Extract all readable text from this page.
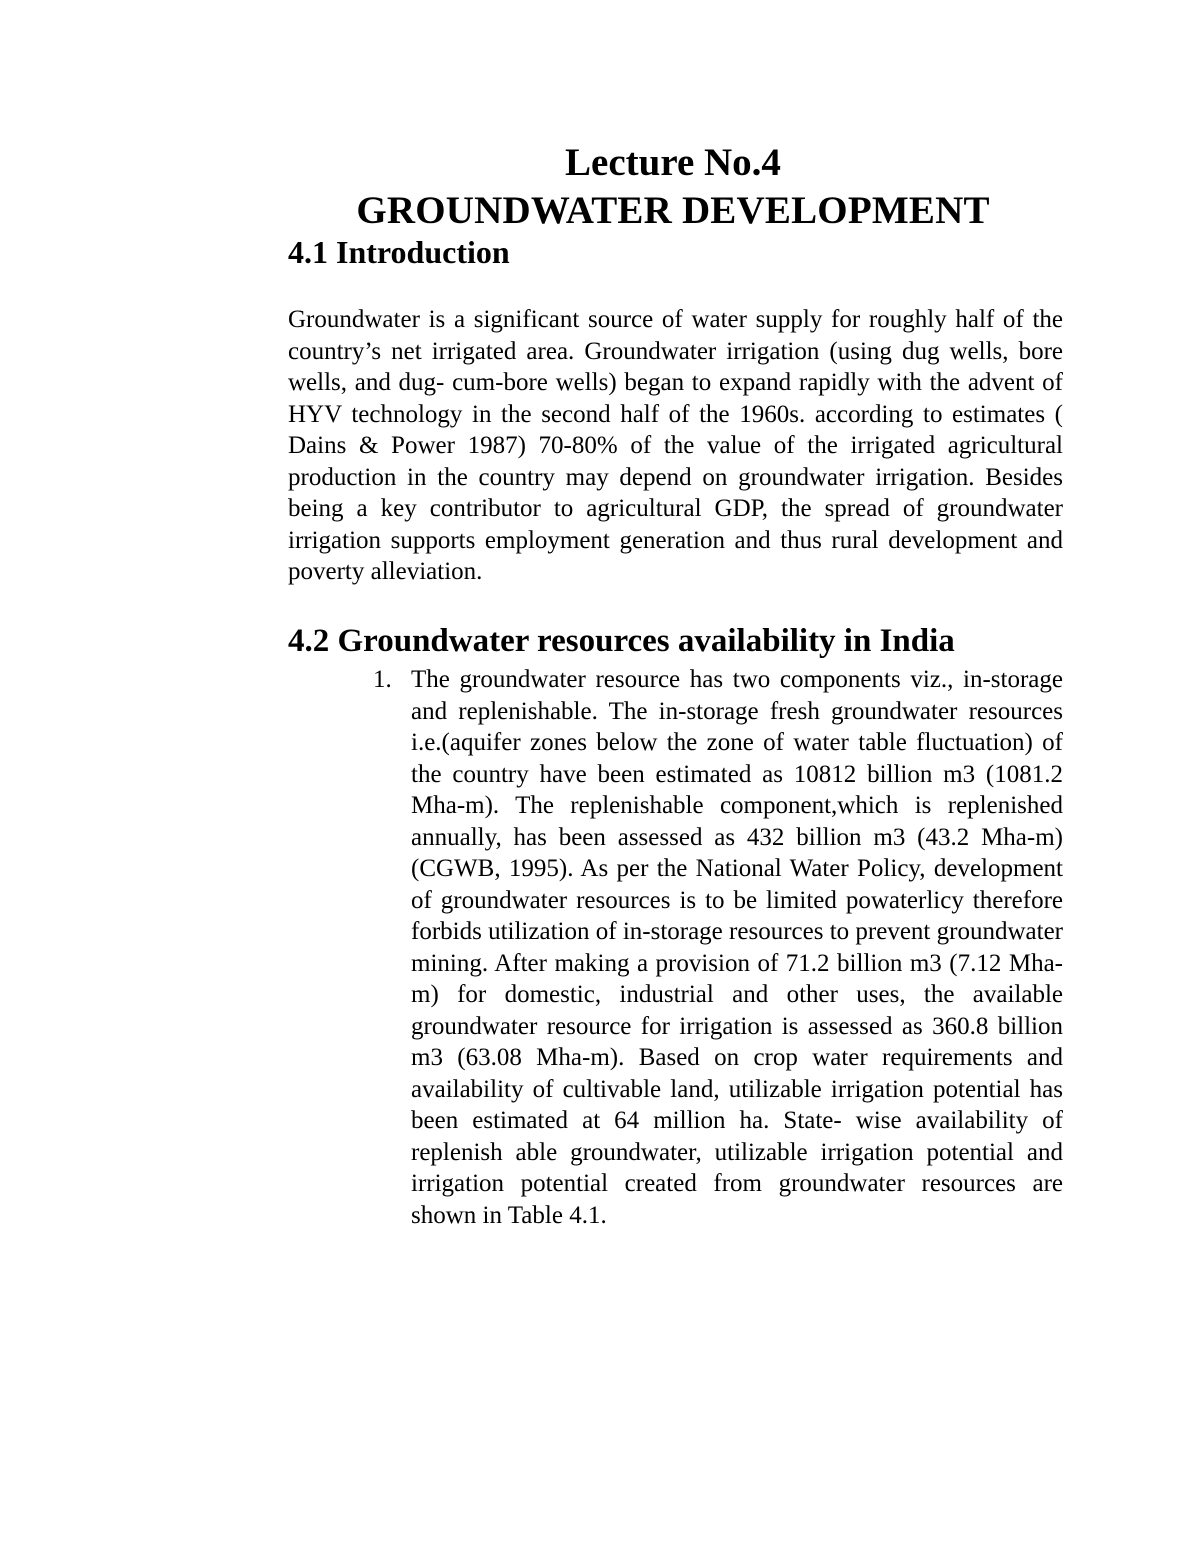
Lecture No.4
GROUNDWATER DEVELOPMENT
4.1 Introduction

Groundwater is a significant source of water supply for roughly half of the country’s net irrigated area. Groundwater irrigation (using dug wells, bore wells, and dug- cum-bore wells) began to expand rapidly with the advent of HYV technology in the second half of the 1960s. according to estimates ( Dains & Power 1987) 70-80% of the value of the irrigated agricultural production in the country may depend on groundwater irrigation. Besides being a key contributor to agricultural GDP, the spread of groundwater irrigation supports employment generation and thus rural development and poverty alleviation.

4.2 Groundwater resources availability in India
1. The groundwater resource has two components viz., in-storage and replenishable. The in-storage fresh groundwater resources i.e.(aquifer zones below the zone of water table fluctuation) of the country have been estimated as 10812 billion m3 (1081.2 Mha-m). The replenishable component,which is replenished annually, has been assessed as 432 billion m3 (43.2 Mha-m) (CGWB, 1995). As per the National Water Policy, development of groundwater resources is to be limited powaterlicy therefore forbids utilization of in-storage resources to prevent groundwater mining. After making a provision of 71.2 billion m3 (7.12 Mha-m) for domestic, industrial and other uses, the available groundwater resource for irrigation is assessed as 360.8 billion m3 (63.08 Mha-m). Based on crop water requirements and availability of cultivable land, utilizable irrigation potential has been estimated at 64 million ha. State- wise availability of replenish able groundwater, utilizable irrigation potential and irrigation potential created from groundwater resources are shown in Table 4.1.
